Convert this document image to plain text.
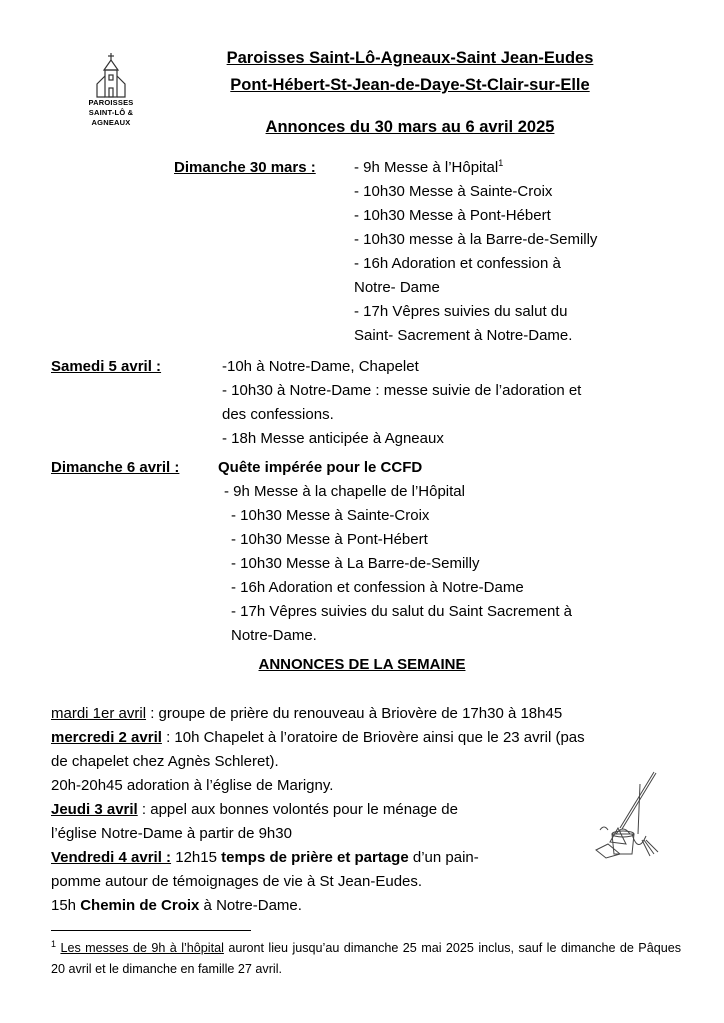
PAROISSES
SAINT-LÔ & AGNEAUX
Paroisses Saint-Lô-Agneaux-Saint Jean-Eudes
Pont-Hébert-St-Jean-de-Daye-St-Clair-sur-Elle
Annonces du 30 mars au 6 avril 2025
Dimanche 30 mars :	- 9h Messe à l’Hôpital$^1$
- 10h30 Messe à Sainte-Croix
- 10h30 Messe à Pont-Hébert
- 10h30 messe à la Barre-de-Semilly
- 16h Adoration et confession à
Notre- Dame
- 17h Vêpres suivies du salut du
Saint- Sacrement à Notre-Dame.
Samedi 5 avril :	-10h à Notre-Dame, Chapelet
- 10h30 à Notre-Dame : messe suivie de l’adoration et
des confessions.
- 18h Messe anticipée à Agneaux
Dimanche 6 avril :	Quête impérée pour le CCFD
- 9h Messe à la chapelle de l’Hôpital
- 10h30 Messe à Sainte-Croix
- 10h30 Messe à Pont-Hébert
- 10h30 Messe à La Barre-de-Semilly
- 16h Adoration et confession à Notre-Dame
- 17h Vêpres suivies du salut du Saint Sacrement à
Notre-Dame.
ANNONCES DE LA SEMAINE

mardi 1er avril : groupe de prière du renouveau à Briovère de 17h30 à 18h45

mercredi 2 avril : 10h Chapelet à l’oratoire de Briovère ainsi que le 23 avril (pas

de chapelet chez Agnès Schleret).

20h-20h45 adoration à l’église de Marigny.

Jeudi 3 avril : appel aux bonnes volontés pour le ménage de

l’église Notre-Dame à partir de 9h30

Vendredi 4 avril : 12h15 temps de prière et partage d’un pain-

pomme autour de témoignages de vie à St Jean-Eudes.

15h Chemin de Croix à Notre-Dame.

$^1$ Les messes de 9h à l’hôpital auront lieu jusqu’au dimanche 25 mai 2025 inclus, sauf le dimanche de Pâques 20 avril et le dimanche en famille 27 avril.
